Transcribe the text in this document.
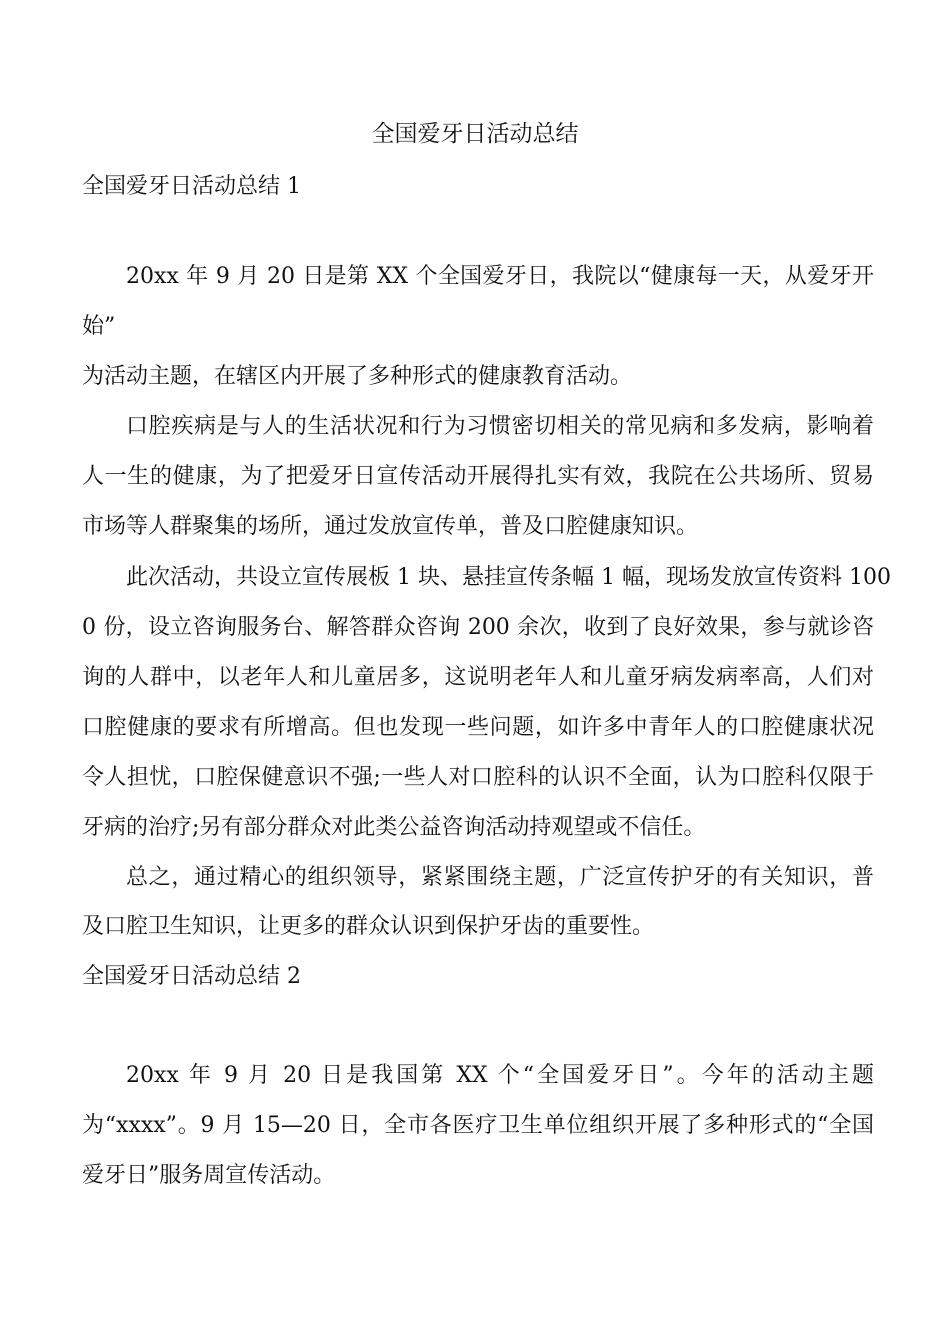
全国爱牙日活动总结
全国爱牙日活动总结 1
20xx 年 9 月 20 日是第 XX 个全国爱牙日，我院以“健康每一天，从爱牙开
始”
为活动主题，在辖区内开展了多种形式的健康教育活动。
口腔疾病是与人的生活状况和行为习惯密切相关的常见病和多发病，影响着
人一生的健康，为了把爱牙日宣传活动开展得扎实有效，我院在公共场所、贸易
市场等人群聚集的场所，通过发放宣传单，普及口腔健康知识。
此次活动，共设立宣传展板 1 块、悬挂宣传条幅 1 幅，现场发放宣传资料 100
0 份，设立咨询服务台、解答群众咨询 200 余次，收到了良好效果，参与就诊咨
询的人群中，以老年人和儿童居多，这说明老年人和儿童牙病发病率高，人们对
口腔健康的要求有所增高。但也发现一些问题，如许多中青年人的口腔健康状况
令人担忧，口腔保健意识不强;一些人对口腔科的认识不全面，认为口腔科仅限于
牙病的治疗;另有部分群众对此类公益咨询活动持观望或不信任。
总之，通过精心的组织领导，紧紧围绕主题，广泛宣传护牙的有关知识，普
及口腔卫生知识，让更多的群众认识到保护牙齿的重要性。
全国爱牙日活动总结 2
20xx 年 9 月 20 日是我国第 XX 个“全国爱牙日”。今年的活动主题
为“xxxx”。9 月 15—20 日，全市各医疗卫生单位组织开展了多种形式的“全国
爱牙日”服务周宣传活动。
